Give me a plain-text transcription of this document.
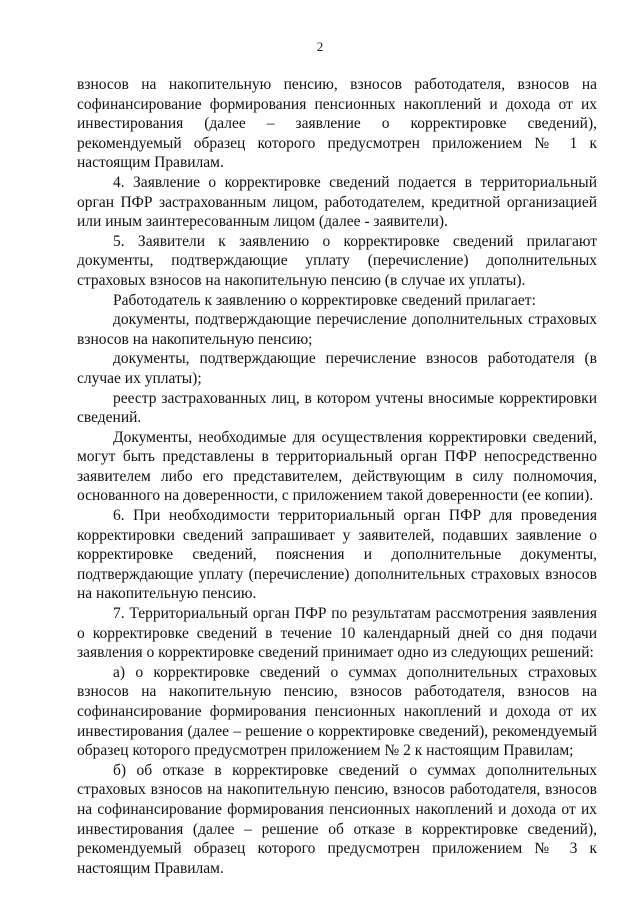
2

взносов на накопительную пенсию, взносов работодателя, взносов на софинансирование формирования пенсионных накоплений и дохода от их инвестирования (далее – заявление о корректировке сведений), рекомендуемый образец которого предусмотрен приложением № 1 к настоящим Правилам.

4. Заявление о корректировке сведений подается в территориальный орган ПФР застрахованным лицом, работодателем, кредитной организацией или иным заинтересованным лицом (далее - заявители).

5. Заявители к заявлению о корректировке сведений прилагают документы, подтверждающие уплату (перечисление) дополнительных страховых взносов на накопительную пенсию (в случае их уплаты).

Работодатель к заявлению о корректировке сведений прилагает:

документы, подтверждающие перечисление дополнительных страховых взносов на накопительную пенсию;

документы, подтверждающие перечисление взносов работодателя (в случае их уплаты);

реестр застрахованных лиц, в котором учтены вносимые корректировки сведений.

Документы, необходимые для осуществления корректировки сведений, могут быть представлены в территориальный орган ПФР непосредственно заявителем либо его представителем, действующим в силу полномочия, основанного на доверенности, с приложением такой доверенности (ее копии).

6. При необходимости территориальный орган ПФР для проведения корректировки сведений запрашивает у заявителей, подавших заявление о корректировке сведений, пояснения и дополнительные документы, подтверждающие уплату (перечисление) дополнительных страховых взносов на накопительную пенсию.

7. Территориальный орган ПФР по результатам рассмотрения заявления о корректировке сведений в течение 10 календарный дней со дня подачи заявления о корректировке сведений принимает одно из следующих решений:

а) о корректировке сведений о суммах дополнительных страховых взносов на накопительную пенсию, взносов работодателя, взносов на софинансирование формирования пенсионных накоплений и дохода от их инвестирования (далее – решение о корректировке сведений), рекомендуемый образец которого предусмотрен приложением № 2 к настоящим Правилам;

б) об отказе в корректировке сведений о суммах дополнительных страховых взносов на накопительную пенсию, взносов работодателя, взносов на софинансирование формирования пенсионных накоплений и дохода от их инвестирования (далее – решение об отказе в корректировке сведений), рекомендуемый образец которого предусмотрен приложением № 3 к настоящим Правилам.
